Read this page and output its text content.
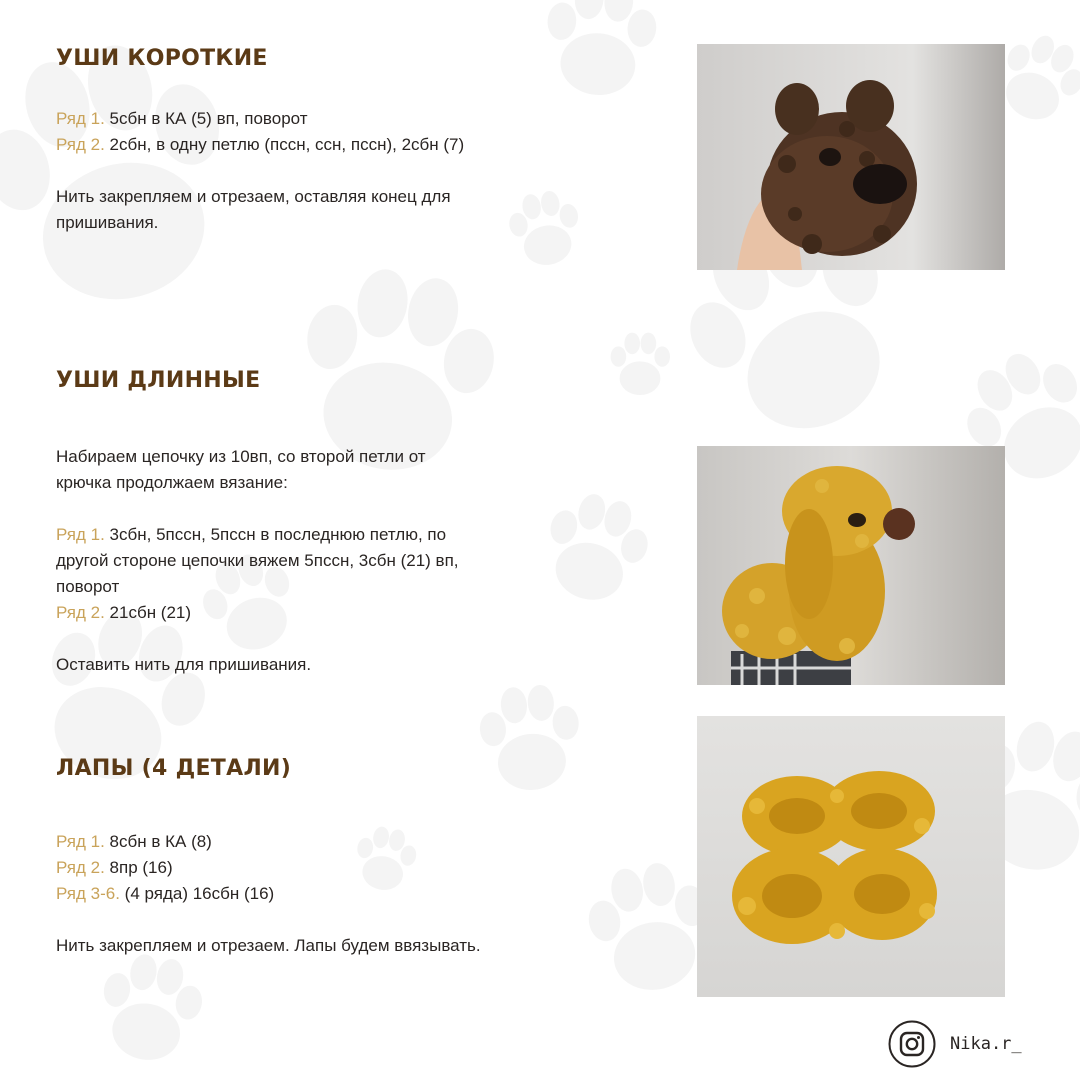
УШИ КОРОТКИЕ

Ряд 1. 5сбн в КА (5) вп, поворот

Ряд 2. 2сбн, в одну петлю (пссн, ссн, пссн), 2сбн (7)

Нить закрепляем и отрезаем, оставляя конец для

пришивания.

УШИ ДЛИННЫЕ

Набираем цепочку из 10вп, со второй петли от

крючка продолжаем вязание:

Ряд 1. 3сбн, 5пссн, 5пссн в последнюю петлю, по

другой стороне цепочки вяжем 5пссн, 3сбн (21) вп,

поворот

Ряд 2. 21сбн (21)

Оставить нить для пришивания.

ЛАПЫ (4 ДЕТАЛИ)

Ряд 1. 8сбн в КА (8)

Ряд 2. 8пр (16)

Ряд 3-6. (4 ряда) 16сбн (16)

Нить закрепляем и отрезаем. Лапы будем ввязывать.

Nika.r_
